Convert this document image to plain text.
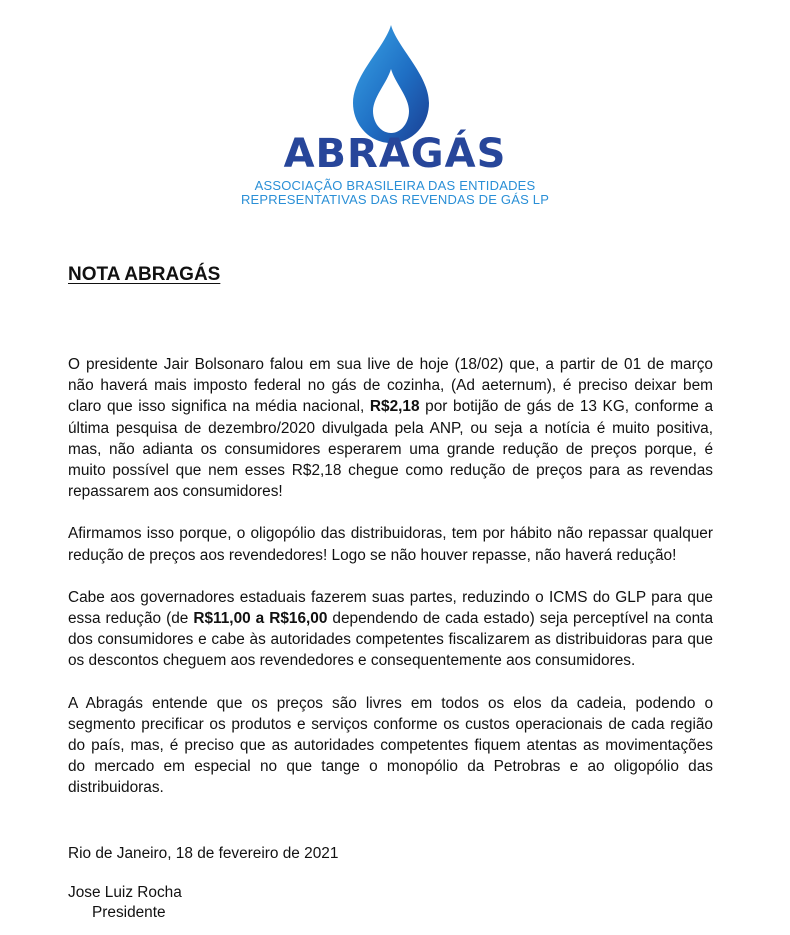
ABRAGÁS
ASSOCIAÇÃO BRASILEIRA DAS ENTIDADES
REPRESENTATIVAS DAS REVENDAS DE GÁS LP
NOTA ABRAGÁS

O presidente Jair Bolsonaro falou em sua live de hoje (18/02) que, a partir de 01 de março não haverá mais imposto federal no gás de cozinha, (Ad aeternum), é preciso deixar bem claro que isso significa na média nacional, R$2,18 por botijão de gás de 13 KG, conforme a última pesquisa de dezembro/2020 divulgada pela ANP, ou seja a notícia é muito positiva, mas, não adianta os consumidores esperarem uma grande redução de preços porque, é muito possível que nem esses R$2,18 chegue como redução de preços para as revendas repassarem aos consumidores!

Afirmamos isso porque, o oligopólio das distribuidoras, tem por hábito não repassar qualquer redução de preços aos revendedores! Logo se não houver repasse, não haverá redução!

Cabe aos governadores estaduais fazerem suas partes, reduzindo o ICMS do GLP para que essa redução (de R$11,00 a R$16,00 dependendo de cada estado) seja perceptível na conta dos consumidores e cabe às autoridades competentes fiscalizarem as distribuidoras para que os descontos cheguem aos revendedores e consequentemente aos consumidores.

A Abragás entende que os preços são livres em todos os elos da cadeia, podendo o segmento precificar os produtos e serviços conforme os custos operacionais de cada região do país, mas, é preciso que as autoridades competentes fiquem atentas as movimentações do mercado em especial no que tange o monopólio da Petrobras e ao oligopólio das distribuidoras.

Rio de Janeiro, 18 de fevereiro de 2021
Jose Luiz Rocha
Presidente
